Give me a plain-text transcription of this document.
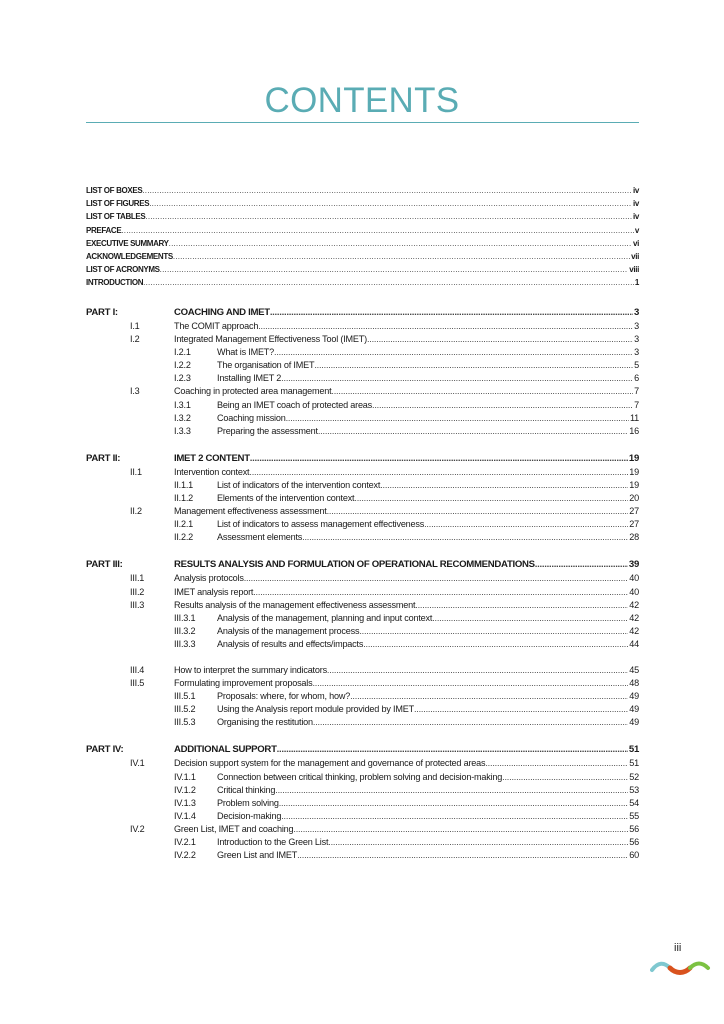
CONTENTS
LIST OF BOXES .....	iv
LIST OF FIGURES .....	iv
LIST OF TABLES .....	iv
PREFACE .....	v
EXECUTIVE SUMMARY .....	vi
ACKNOWLEDGEMENTS .....	vii
LIST OF ACRONYMS .....	viii
INTRODUCTION .....	1
PART I:	COACHING AND IMET .....	3
I.1	The COMIT approach .....	3
I.2	Integrated Management Effectiveness Tool (IMET) .....	3
I.2.1	What is IMET? .....	3
I.2.2	The organisation of IMET .....	5
I.2.3	Installing IMET 2 .....	6
I.3	Coaching in protected area management .....	7
I.3.1	Being an IMET coach of protected areas .....	7
I.3.2	Coaching mission .....	11
I.3.3	Preparing the assessment .....	16
PART II:	IMET 2 CONTENT .....	19
II.1	Intervention context .....	19
II.1.1	List of indicators of the intervention context .....	19
II.1.2	Elements of the intervention context .....	20
II.2	Management effectiveness assessment .....	27
II.2.1	List of indicators to assess management effectiveness .....	27
II.2.2	Assessment elements .....	28
PART III:	RESULTS ANALYSIS AND FORMULATION OF OPERATIONAL RECOMMENDATIONS .....	39
III.1	Analysis protocols .....	40
III.2	IMET analysis report .....	40
III.3	Results analysis of the management effectiveness assessment .....	42
III.3.1	Analysis of the management, planning and input context .....	42
III.3.2	Analysis of the management process .....	42
III.3.3	Analysis of results and effects/impacts .....	44
III.4	How to interpret the summary indicators .....	45
III.5	Formulating improvement proposals .....	48
III.5.1	Proposals: where, for whom, how? .....	49
III.5.2	Using the Analysis report module provided by IMET .....	49
III.5.3	Organising the restitution .....	49
PART IV:	ADDITIONAL SUPPORT .....	51
IV.1	Decision support system for the management and governance of protected areas .....	51
IV.1.1	Connection between critical thinking, problem solving and decision-making .....	52
IV.1.2	Critical thinking .....	53
IV.1.3	Problem solving .....	54
IV.1.4	Decision-making .....	55
IV.2	Green List, IMET and coaching .....	56
IV.2.1	Introduction to the Green List .....	56
IV.2.2	Green List and IMET .....	60
iii
